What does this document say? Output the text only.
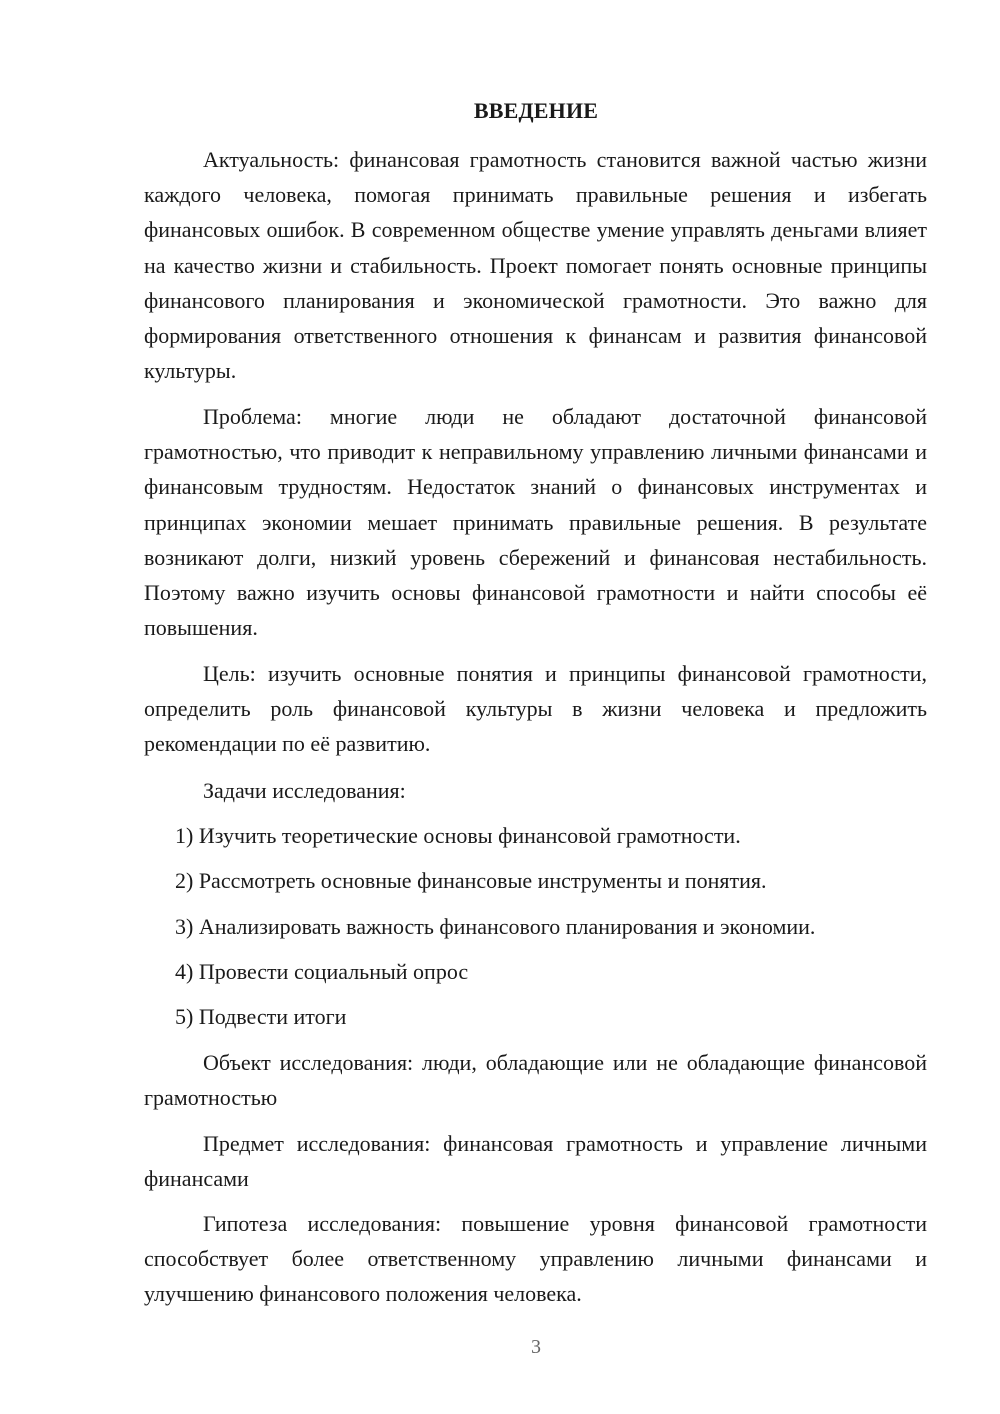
ВВЕДЕНИЕ

Актуальность: финансовая грамотность становится важной частью жизни каждого человека, помогая принимать правильные решения и избегать финансовых ошибок. В современном обществе умение управлять деньгами влияет на качество жизни и стабильность. Проект помогает понять основные принципы финансового планирования и экономической грамотности. Это важно для формирования ответственного отношения к финансам и развития финансовой культуры.

Проблема: многие люди не обладают достаточной финансовой грамотностью, что приводит к неправильному управлению личными финансами и финансовым трудностям. Недостаток знаний о финансовых инструментах и принципах экономии мешает принимать правильные решения. В результате возникают долги, низкий уровень сбережений и финансовая нестабильность. Поэтому важно изучить основы финансовой грамотности и найти способы её повышения.

Цель: изучить основные понятия и принципы финансовой грамотности, определить роль финансовой культуры в жизни человека и предложить рекомендации по её развитию.

Задачи исследования:
1) Изучить теоретические основы финансовой грамотности.
2) Рассмотреть основные финансовые инструменты и понятия.
3) Анализировать важность финансового планирования и экономии.
4) Провести социальный опрос
5) Подвести итоги

Объект исследования: люди, обладающие или не обладающие финансовой грамотностью

Предмет исследования: финансовая грамотность и управление личными финансами

Гипотеза исследования: повышение уровня финансовой грамотности способствует более ответственному управлению личными финансами и улучшению финансового положения человека.

3
